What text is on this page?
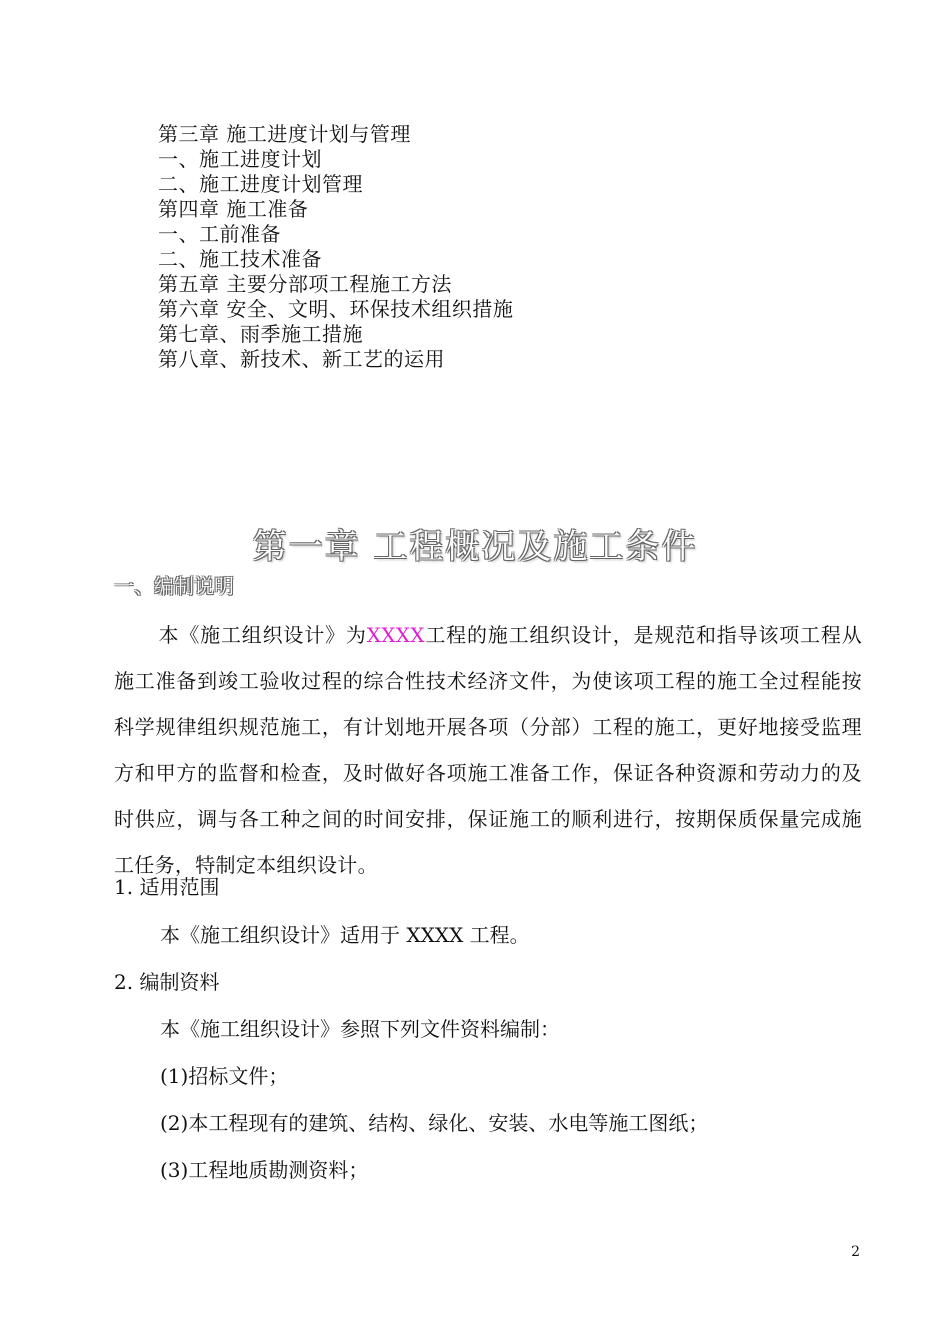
第三章 施工进度计划与管理
一、施工进度计划
二、施工进度计划管理
第四章 施工准备
一、工前准备
二、施工技术准备
第五章 主要分部项工程施工方法
第六章 安全、文明、环保技术组织措施
第七章、雨季施工措施
第八章、新技术、新工艺的运用
第一章 工程概况及施工条件
一、编制说明
本《施工组织设计》为XXXX工程的施工组织设计，是规范和指导该项工程从施工准备到竣工验收过程的综合性技术经济文件，为使该项工程的施工全过程能按科学规律组织规范施工，有计划地开展各项（分部）工程的施工，更好地接受监理方和甲方的监督和检查，及时做好各项施工准备工作，保证各种资源和劳动力的及时供应，调与各工种之间的时间安排，保证施工的顺利进行，按期保质保量完成施工任务，特制定本组织设计。
1. 适用范围
本《施工组织设计》适用于 XXXX 工程。
2. 编制资料
本《施工组织设计》参照下列文件资料编制：
(1)招标文件；
(2)本工程现有的建筑、结构、绿化、安装、水电等施工图纸；
(3)工程地质勘测资料；
2
